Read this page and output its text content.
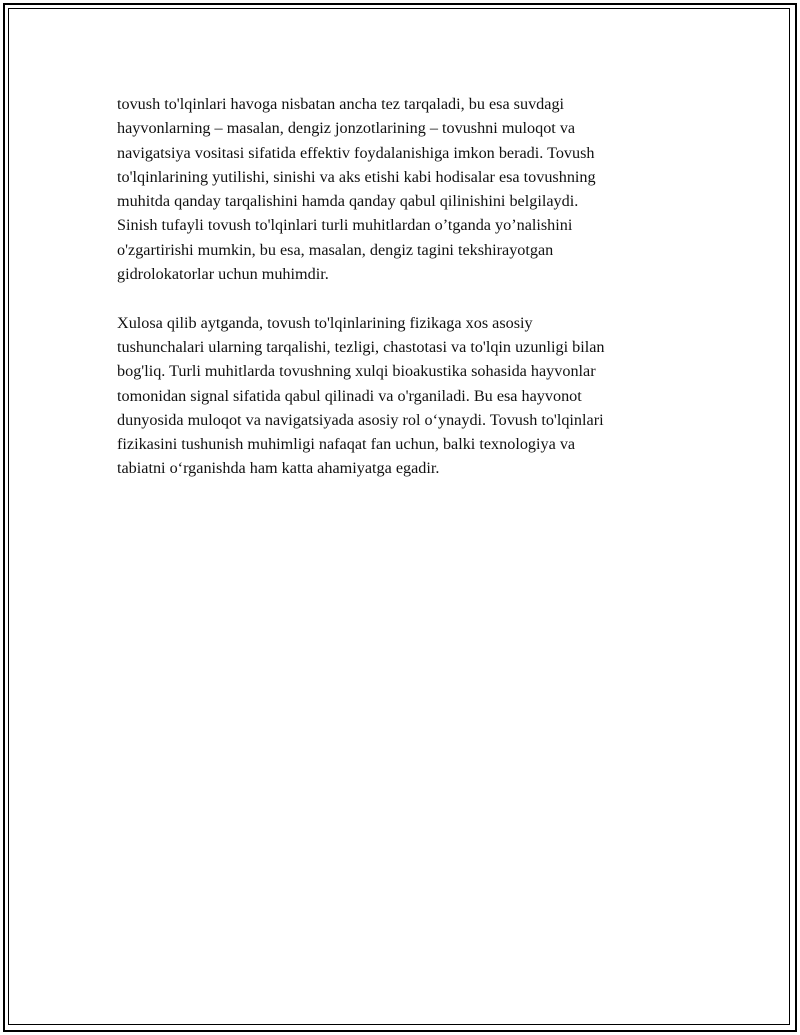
tovush to'lqinlari havoga nisbatan ancha tez tarqaladi, bu esa suvdagi
hayvonlarning – masalan, dengiz jonzotlarining – tovushni muloqot va
navigatsiya vositasi sifatida effektiv foydalanishiga imkon beradi. Tovush
to'lqinlarining yutilishi, sinishi va aks etishi kabi hodisalar esa tovushning
muhitda qanday tarqalishini hamda qanday qabul qilinishini belgilaydi.
Sinish tufayli tovush to'lqinlari turli muhitlardan o’tganda yo’nalishini
o'zgartirishi mumkin, bu esa, masalan, dengiz tagini tekshirayotgan
gidrolokatorlar uchun muhimdir.

Xulosa qilib aytganda, tovush to'lqinlarining fizikaga xos asosiy
tushunchalari ularning tarqalishi, tezligi, chastotasi va to'lqin uzunligi bilan
bog'liq. Turli muhitlarda tovushning xulqi bioakustika sohasida hayvonlar
tomonidan signal sifatida qabul qilinadi va o'rganiladi. Bu esa hayvonot
dunyosida muloqot va navigatsiyada asosiy rol o‘ynaydi. Tovush to'lqinlari
fizikasini tushunish muhimligi nafaqat fan uchun, balki texnologiya va
tabiatni o‘rganishda ham katta ahamiyatga egadir.
